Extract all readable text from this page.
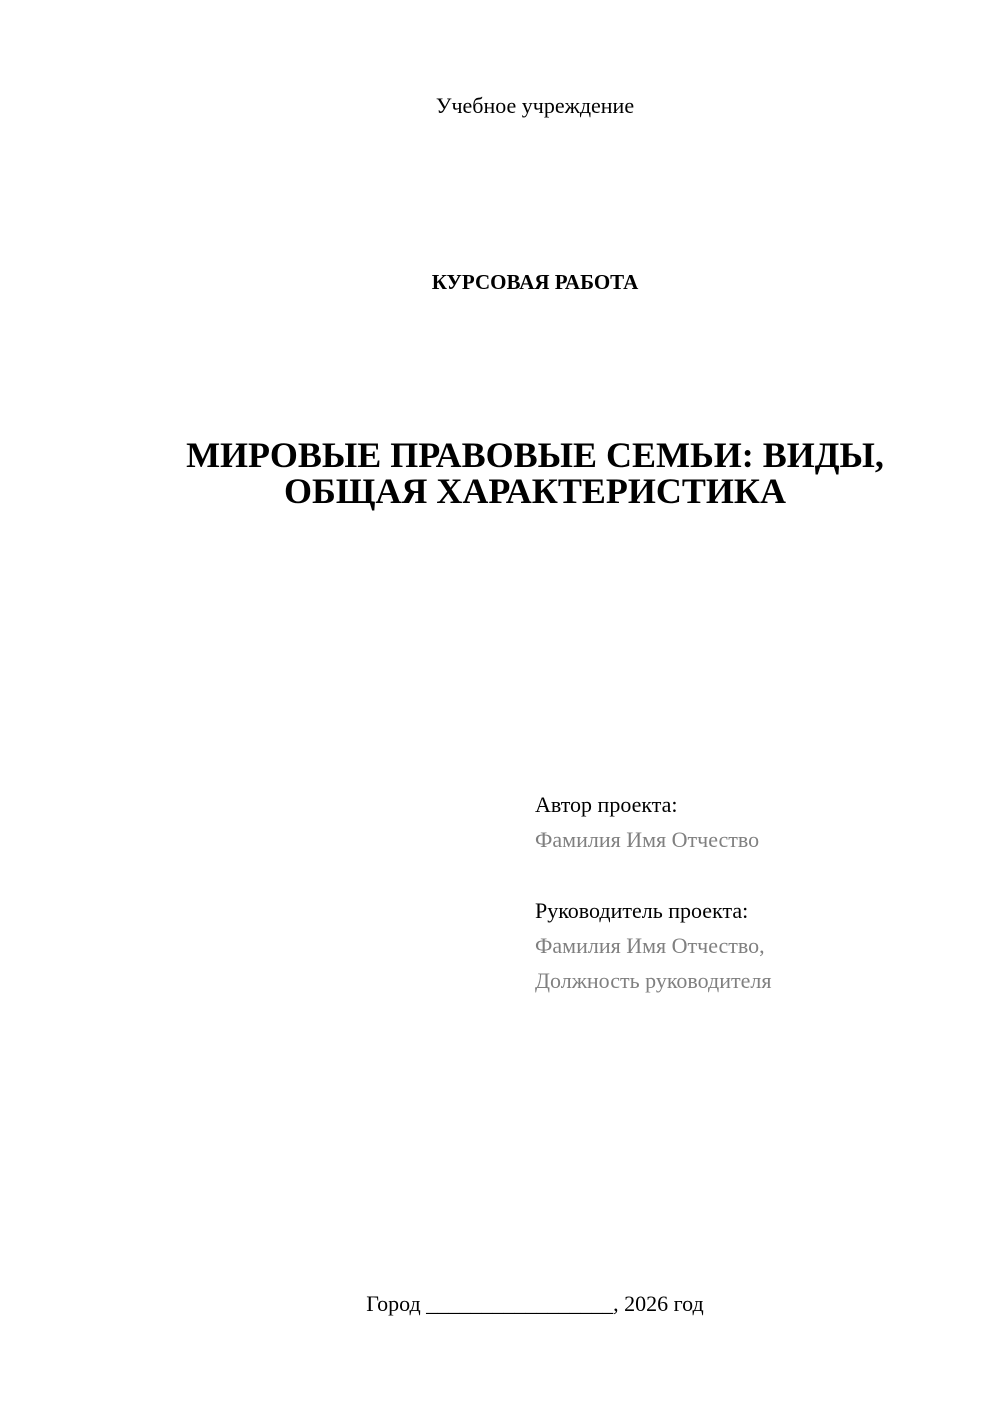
Учебное учреждение
КУРСОВАЯ РАБОТА
МИРОВЫЕ ПРАВОВЫЕ СЕМЬИ: ВИДЫ,
ОБЩАЯ ХАРАКТЕРИСТИКА
Автор проекта:
Фамилия Имя Отчество
Руководитель проекта:
Фамилия Имя Отчество,
Должность руководителя
Город _________________, 2026 год
